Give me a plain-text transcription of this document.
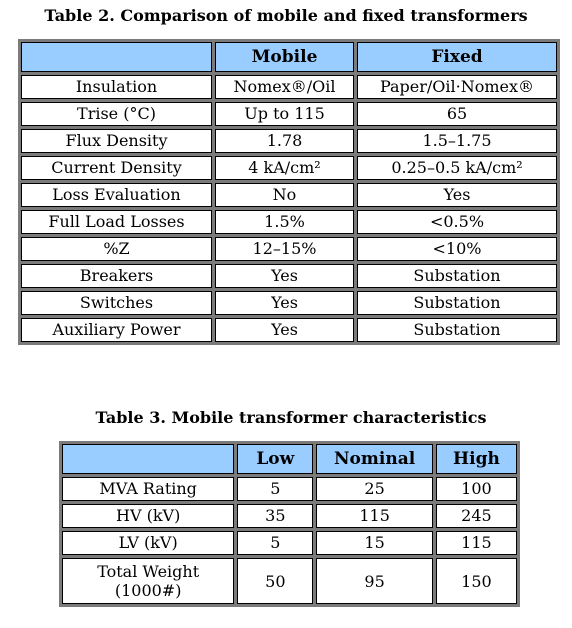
Table 2. Comparison of mobile and fixed transformers
	Mobile	Fixed
Insulation	Nomex®/Oil	Paper/Oil·Nomex®
Trise (°C)	Up to 115	65
Flux Density	1.78	1.5–1.75
Current Density	4 kA/cm²	0.25–0.5 kA/cm²
Loss Evaluation	No	Yes
Full Load Losses	1.5%	<0.5%
%Z	12–15%	<10%
Breakers	Yes	Substation
Switches	Yes	Substation
Auxiliary Power	Yes	Substation
Table 3. Mobile transformer characteristics
	Low	Nominal	High
MVA Rating	5	25	100
HV (kV)	35	115	245
LV (kV)	5	15	115
Total Weight
(1000#)	50	95	150
